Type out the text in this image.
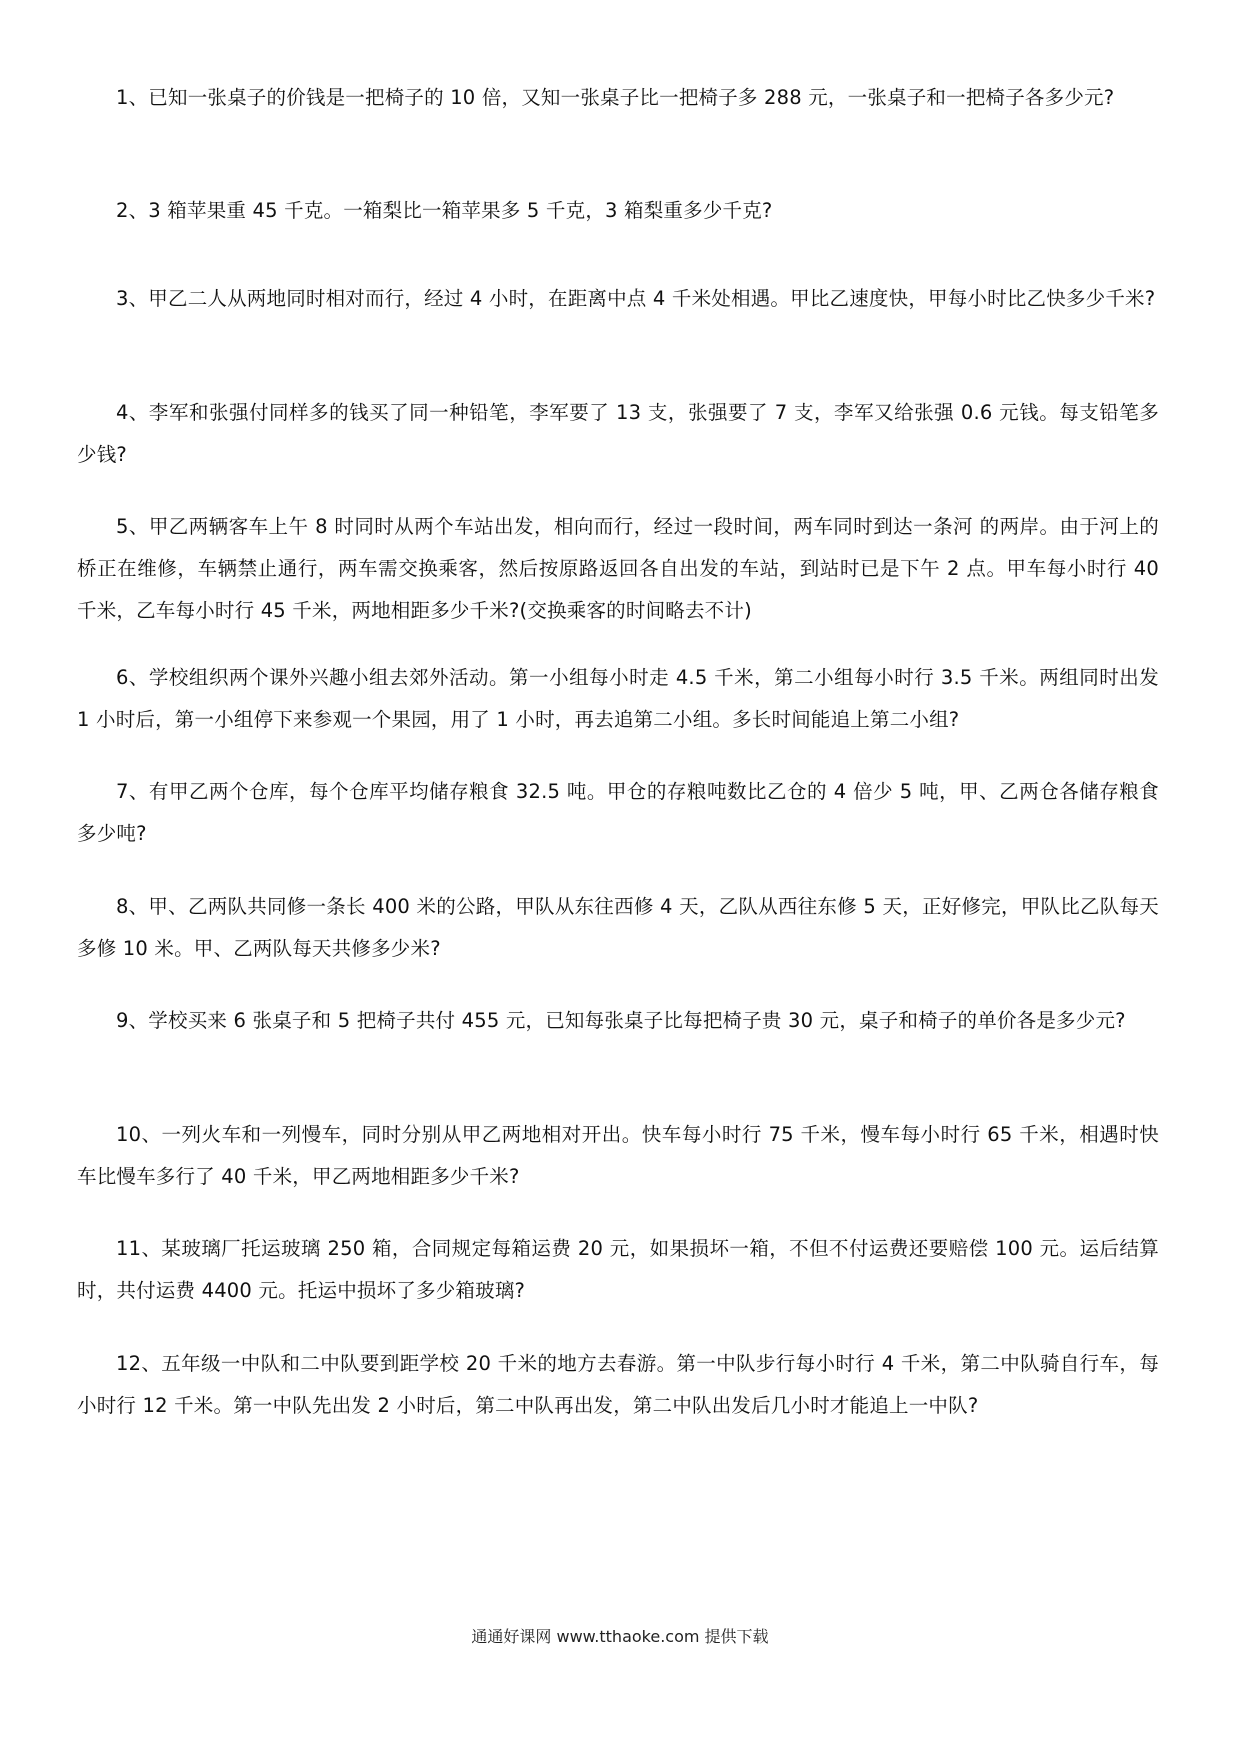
1、已知一张桌子的价钱是一把椅子的 10 倍，又知一张桌子比一把椅子多 288 元，一张桌子和一把椅子各多少元?

2、3 箱苹果重 45 千克。一箱梨比一箱苹果多 5 千克，3 箱梨重多少千克?

3、甲乙二人从两地同时相对而行，经过 4 小时，在距离中点 4 千米处相遇。甲比乙速度快，甲每小时比乙快多少千米?

4、李军和张强付同样多的钱买了同一种铅笔，李军要了 13 支，张强要了 7 支，李军又给张强 0.6 元钱。每支铅笔多少钱?

5、甲乙两辆客车上午 8 时同时从两个车站出发，相向而行，经过一段时间，两车同时到达一条河 的两岸。由于河上的桥正在维修，车辆禁止通行，两车需交换乘客，然后按原路返回各自出发的车站，到站时已是下午 2 点。甲车每小时行 40 千米，乙车每小时行 45 千米，两地相距多少千米?(交换乘客的时间略去不计)

6、学校组织两个课外兴趣小组去郊外活动。第一小组每小时走 4.5 千米，第二小组每小时行 3.5 千米。两组同时出发 1 小时后，第一小组停下来参观一个果园，用了 1 小时，再去追第二小组。多长时间能追上第二小组?

7、有甲乙两个仓库，每个仓库平均储存粮食 32.5 吨。甲仓的存粮吨数比乙仓的 4 倍少 5 吨，甲、乙两仓各储存粮食多少吨?

8、甲、乙两队共同修一条长 400 米的公路，甲队从东往西修 4 天，乙队从西往东修 5 天，正好修完，甲队比乙队每天多修 10 米。甲、乙两队每天共修多少米?

9、学校买来 6 张桌子和 5 把椅子共付 455 元，已知每张桌子比每把椅子贵 30 元，桌子和椅子的单价各是多少元?

10、一列火车和一列慢车，同时分别从甲乙两地相对开出。快车每小时行 75 千米，慢车每小时行 65 千米，相遇时快车比慢车多行了 40 千米，甲乙两地相距多少千米?

11、某玻璃厂托运玻璃 250 箱，合同规定每箱运费 20 元，如果损坏一箱，不但不付运费还要赔偿 100 元。运后结算时，共付运费 4400 元。托运中损坏了多少箱玻璃?

12、五年级一中队和二中队要到距学校 20 千米的地方去春游。第一中队步行每小时行 4 千米，第二中队骑自行车，每小时行 12 千米。第一中队先出发 2 小时后，第二中队再出发，第二中队出发后几小时才能追上一中队?

通通好课网 www.tthaoke.com 提供下载
